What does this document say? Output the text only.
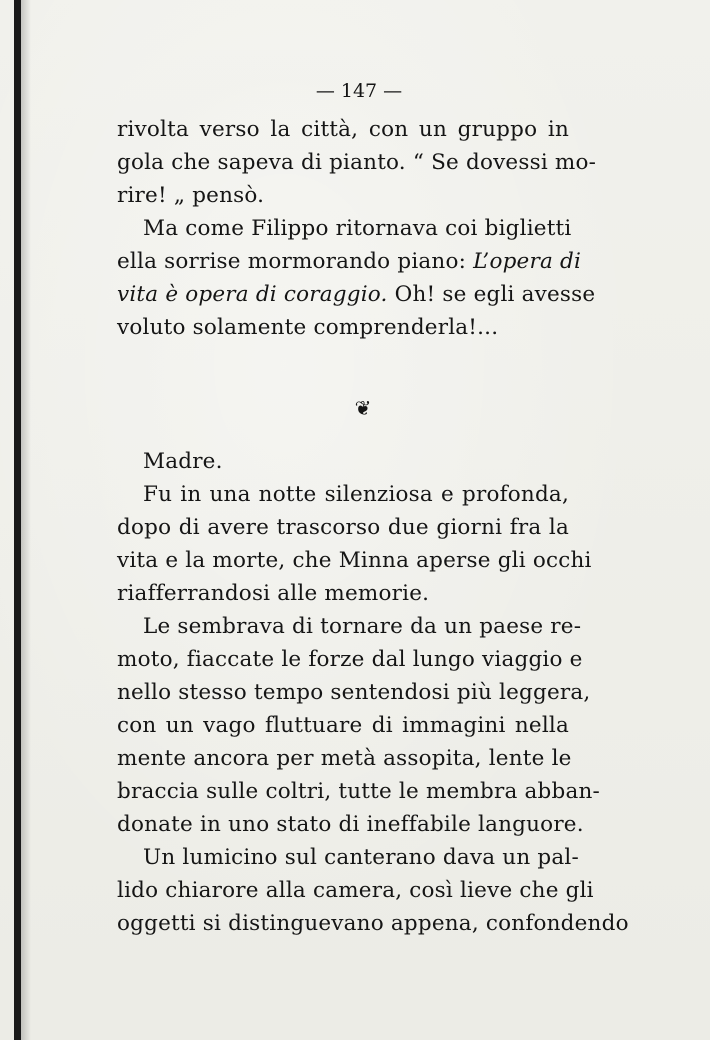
— 147 —
rivolta verso la città, con un gruppo in
gola che sapeva di pianto. “ Se dovessi mo-
rire! „ pensò.
Ma come Filippo ritornava coi biglietti
ella sorrise mormorando piano: L’opera di
vita è opera di coraggio. Oh! se egli avesse
voluto solamente comprenderla!...
❦
Madre.
Fu in una notte silenziosa e profonda,
dopo di avere trascorso due giorni fra la
vita e la morte, che Minna aperse gli occhi
riafferrandosi alle memorie.
Le sembrava di tornare da un paese re-
moto, fiaccate le forze dal lungo viaggio e
nello stesso tempo sentendosi più leggera,
con un vago fluttuare di immagini nella
mente ancora per metà assopita, lente le
braccia sulle coltri, tutte le membra abban-
donate in uno stato di ineffabile languore.
Un lumicino sul canterano dava un pal-
lido chiarore alla camera, così lieve che gli
oggetti si distinguevano appena, confondendo
